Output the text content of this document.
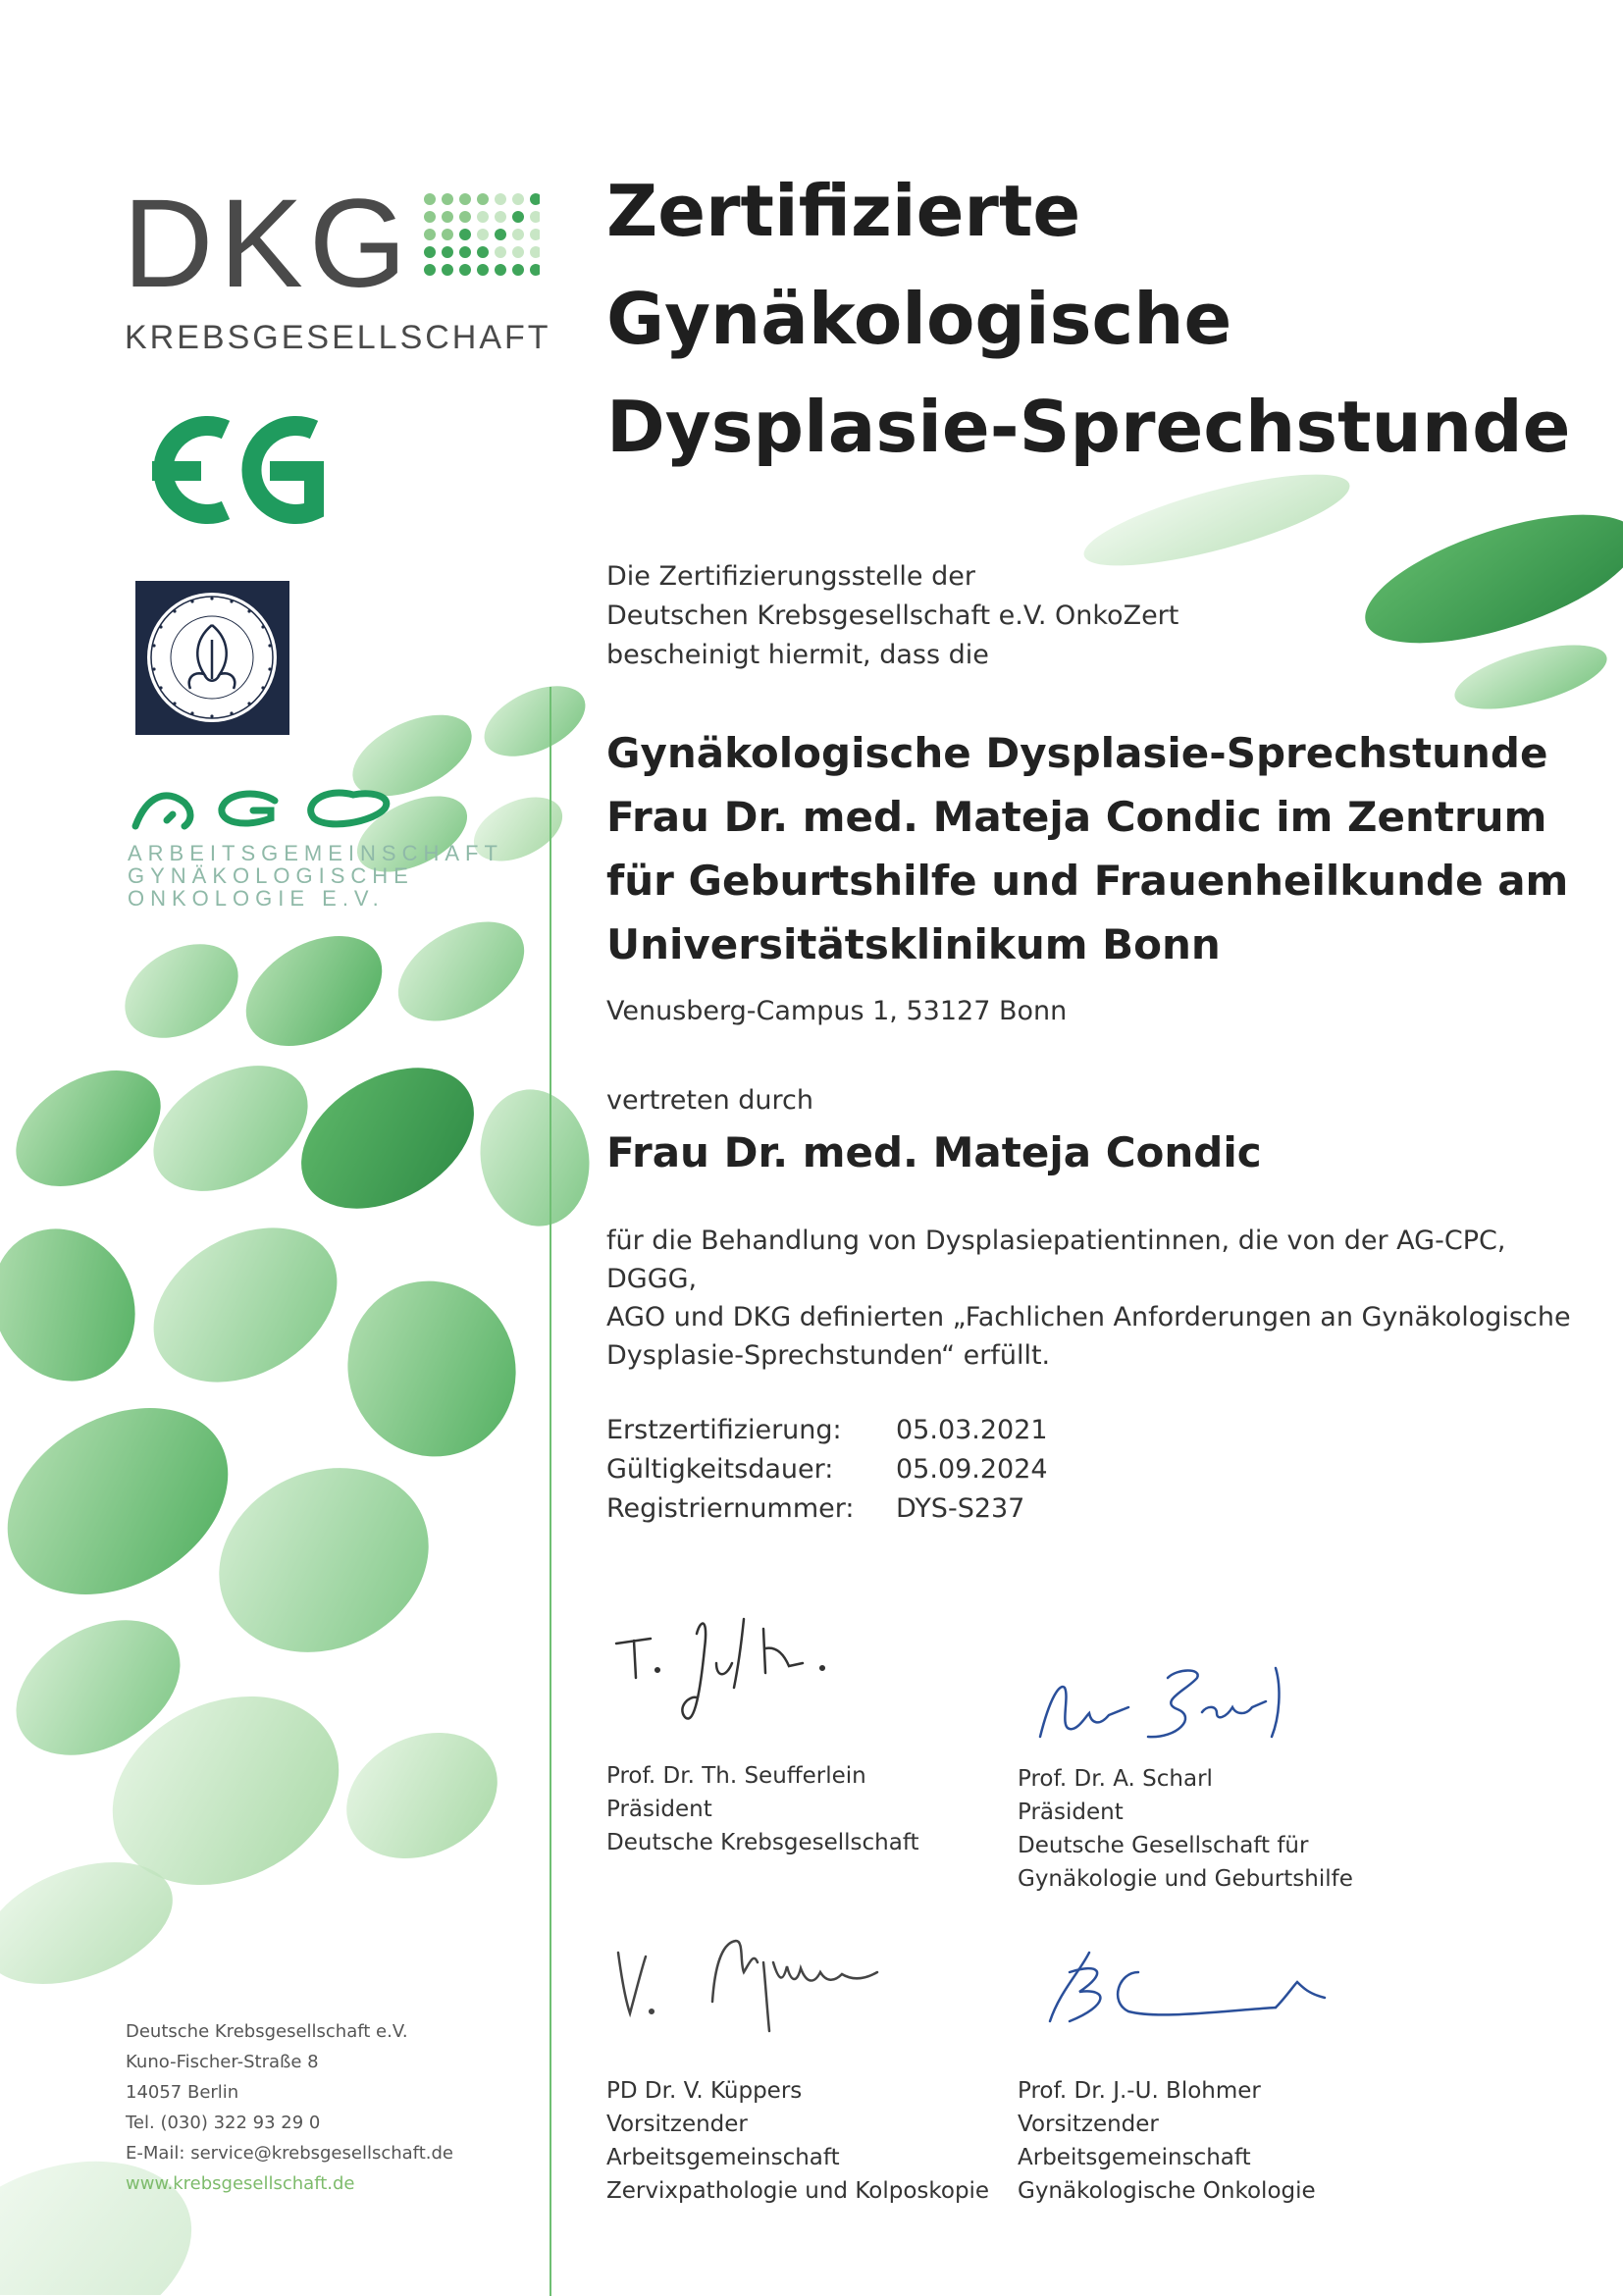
DKG
KREBSGESELLSCHAFT
ARBEITSGEMEINSCHAFT
GYNÄKOLOGISCHE
ONKOLOGIE E.V.
Zertifizierte
Gynäkologische
Dysplasie-Sprechstunde
Die Zertifizierungsstelle der
Deutschen Krebsgesellschaft e.V. OnkoZert
bescheinigt hiermit, dass die
Gynäkologische Dysplasie-Sprechstunde
Frau Dr. med. Mateja Condic im Zentrum
für Geburtshilfe und Frauenheilkunde am
Universitätsklinikum Bonn
Venusberg-Campus 1, 53127 Bonn
vertreten durch
Frau Dr. med. Mateja Condic
für die Behandlung von Dysplasiepatientinnen, die von der AG-CPC, DGGG,
AGO und DKG definierten „Fachlichen Anforderungen an Gynäkologische
Dysplasie-Sprechstunden“ erfüllt.
Erstzertifizierung:	05.03.2021
Gültigkeitsdauer:	05.09.2024
Registriernummer:	DYS-S237
Prof. Dr. Th. Seufferlein
Präsident
Deutsche Krebsgesellschaft
Prof. Dr. A. Scharl
Präsident
Deutsche Gesellschaft für
Gynäkologie und Geburtshilfe
PD Dr. V. Küppers
Vorsitzender
Arbeitsgemeinschaft
Zervixpathologie und Kolposkopie
Prof. Dr. J.-U. Blohmer
Vorsitzender
Arbeitsgemeinschaft
Gynäkologische Onkologie
Deutsche Krebsgesellschaft e.V.
Kuno-Fischer-Straße 8
14057 Berlin
Tel. (030) 322 93 29 0
E-Mail: service@krebsgesellschaft.de
www.krebsgesellschaft.de
